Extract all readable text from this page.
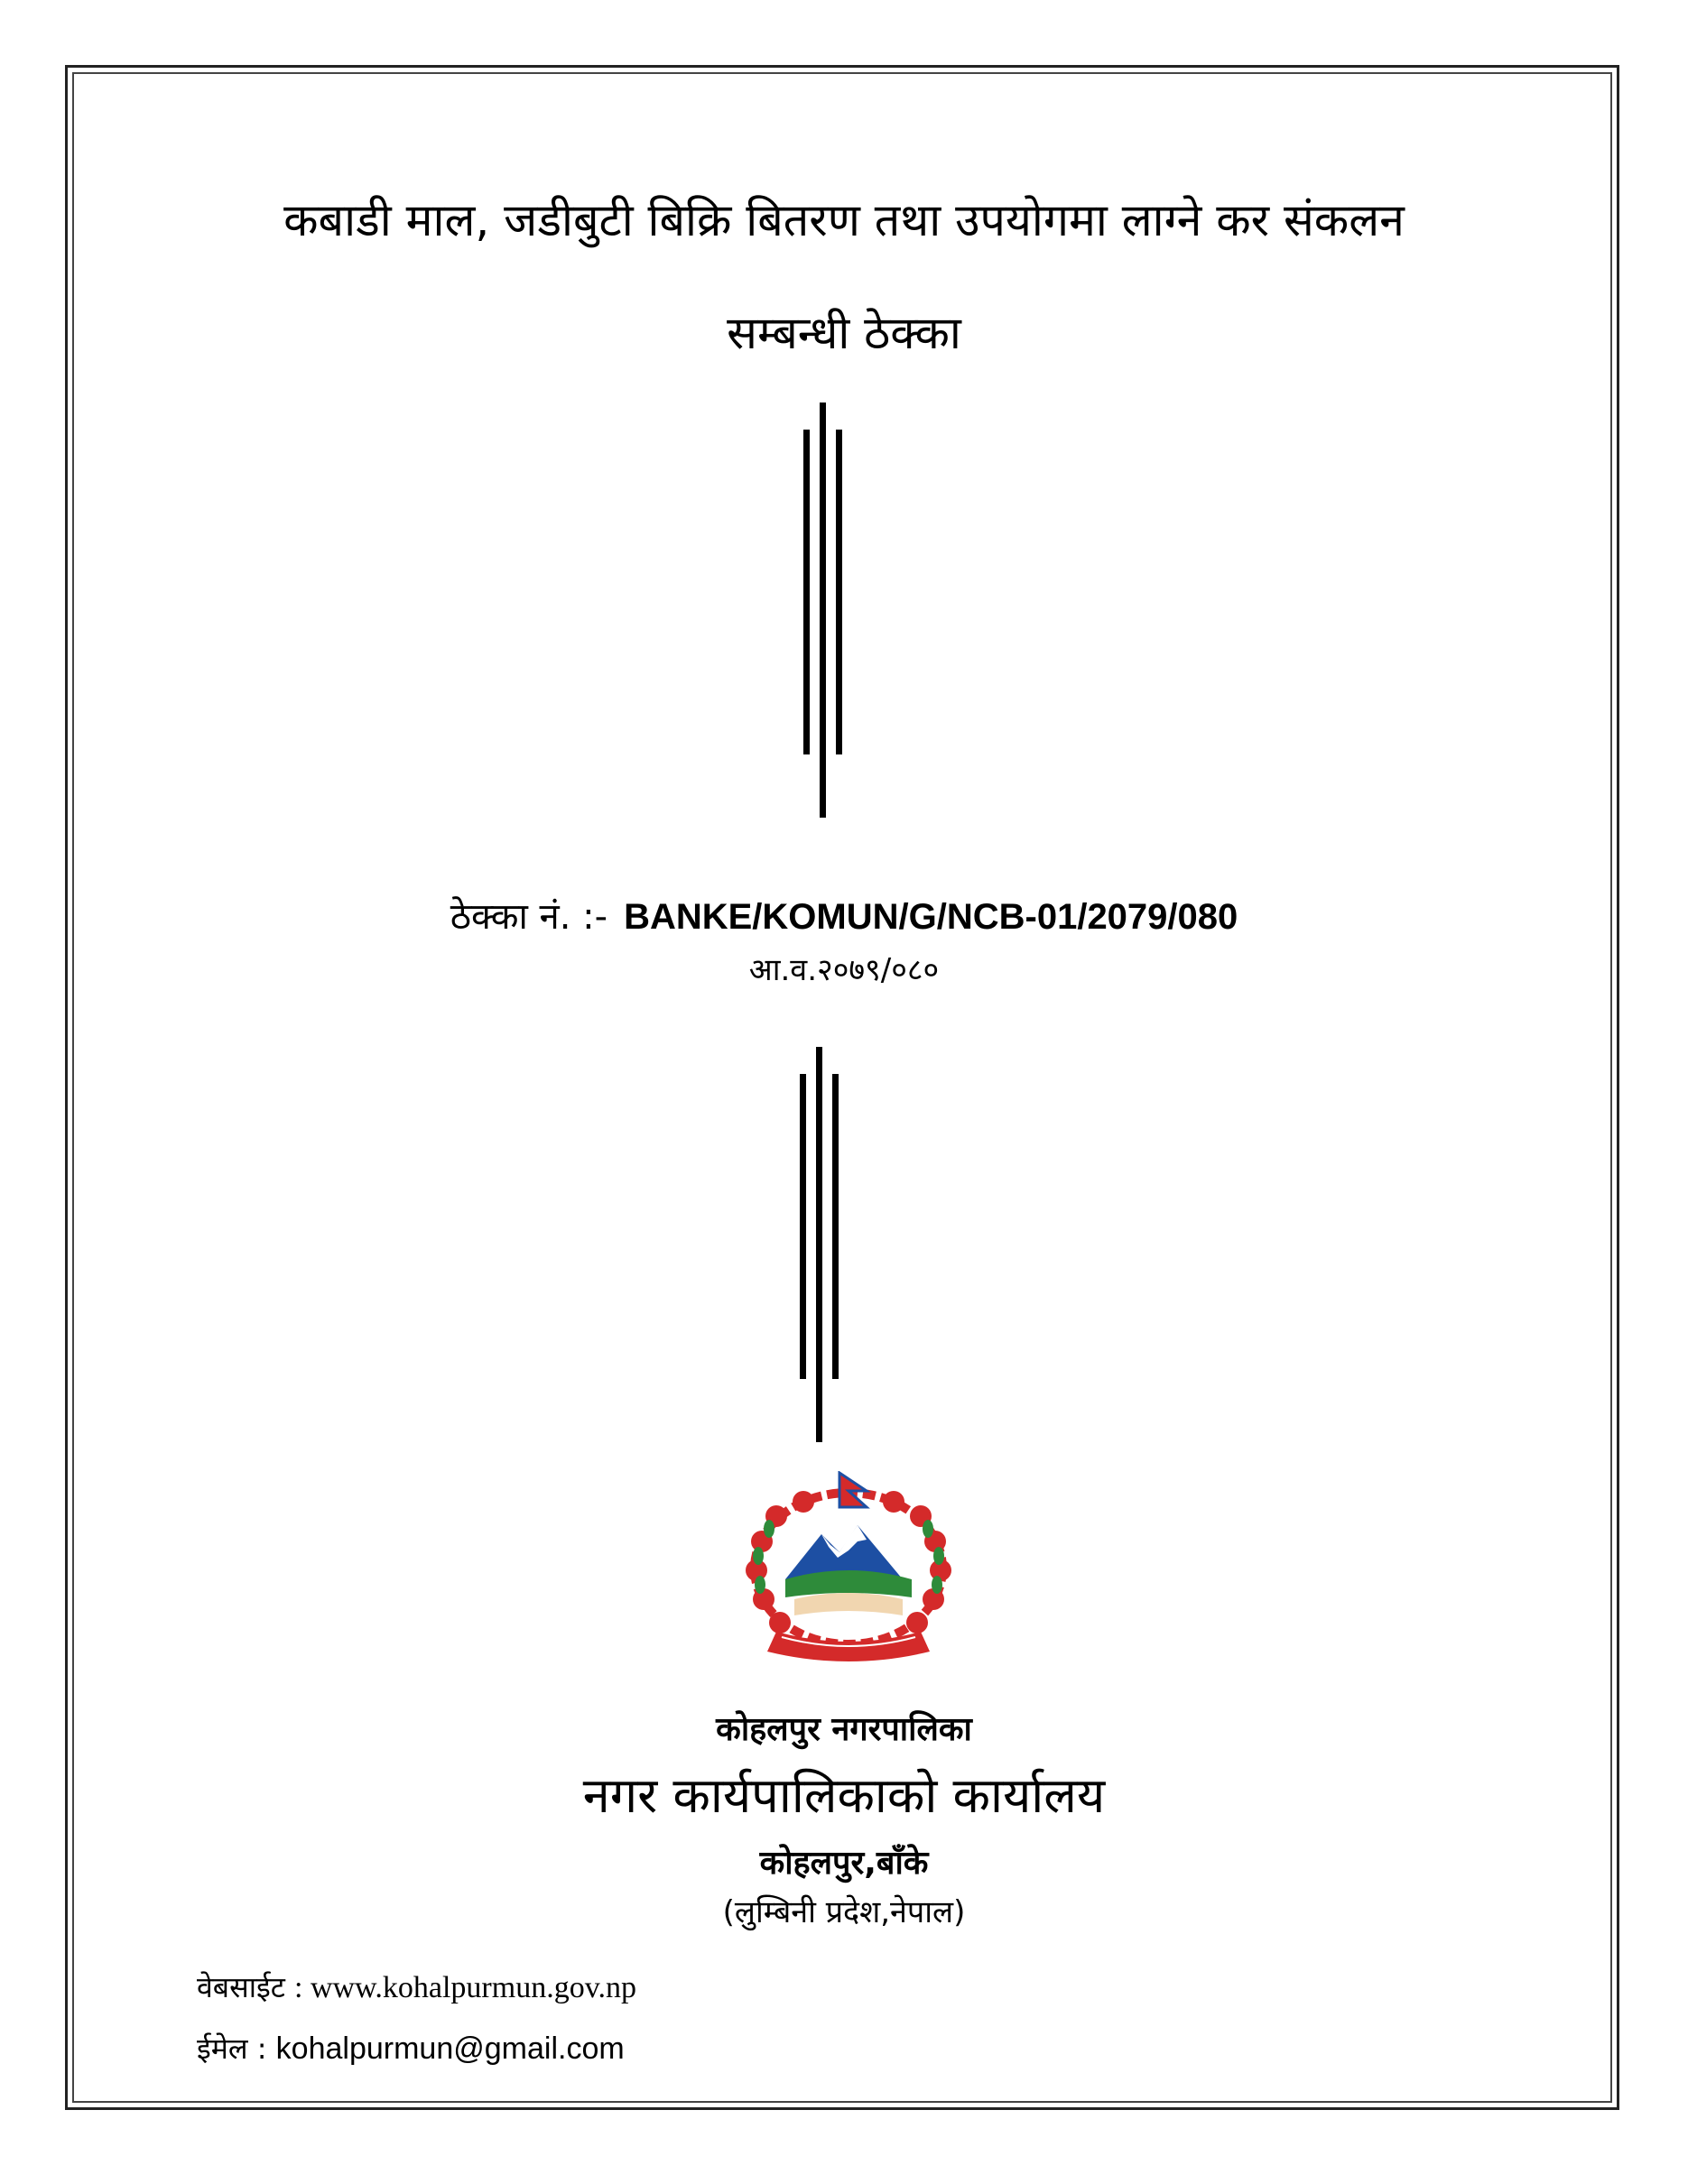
कबाडी माल, जडीबुटी बिक्रि बितरण तथा उपयोगमा लाग्ने कर संकलन
सम्बन्धी ठेक्का
ठेक्का नं. :- BANKE/KOMUN/G/NCB-01/2079/080
आ.व.२०७९/०८०
कोहलपुर नगरपालिका
नगर कार्यपालिकाको कार्यालय
कोहलपुर,बाँके
(लुम्बिनी प्रदेश,नेपाल)
वेबसाईट : www.kohalpurmun.gov.np
ईमेल : kohalpurmun@gmail.com
